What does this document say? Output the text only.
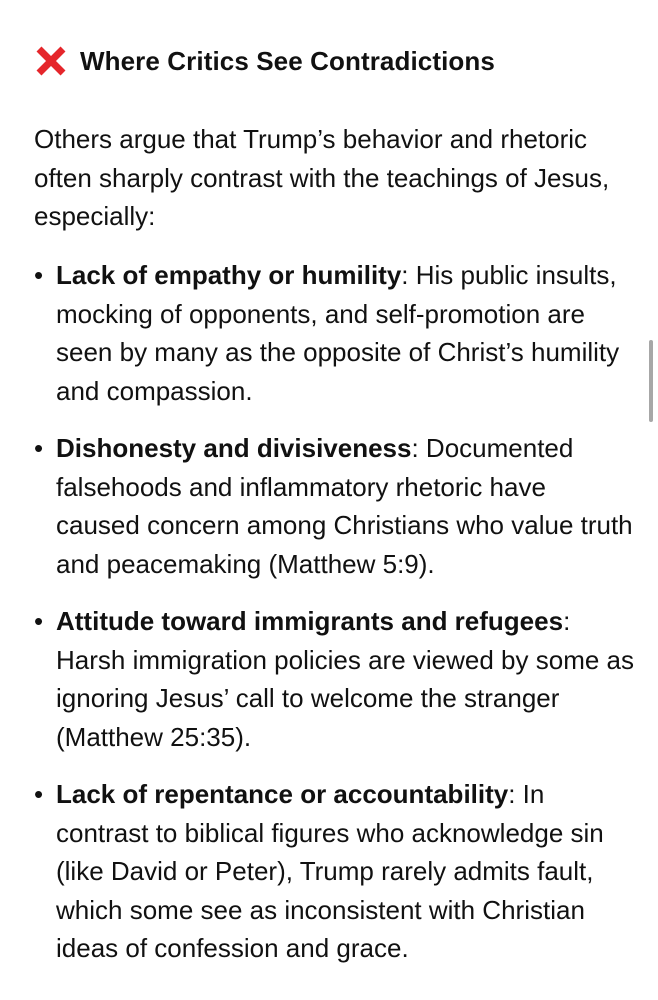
Where Critics See Contradictions

Others argue that Trump’s behavior and rhetoric often sharply contrast with the teachings of Jesus, especially:

• Lack of empathy or humility: His public insults, mocking of opponents, and self-promotion are seen by many as the opposite of Christ’s humility and compassion.
• Dishonesty and divisiveness: Documented falsehoods and inflammatory rhetoric have caused concern among Christians who value truth and peacemaking (Matthew 5:9).
• Attitude toward immigrants and refugees: Harsh immigration policies are viewed by some as ignoring Jesus’ call to welcome the stranger (Matthew 25:35).
• Lack of repentance or accountability: In contrast to biblical figures who acknowledge sin (like David or Peter), Trump rarely admits fault, which some see as inconsistent with Christian ideas of confession and grace.
